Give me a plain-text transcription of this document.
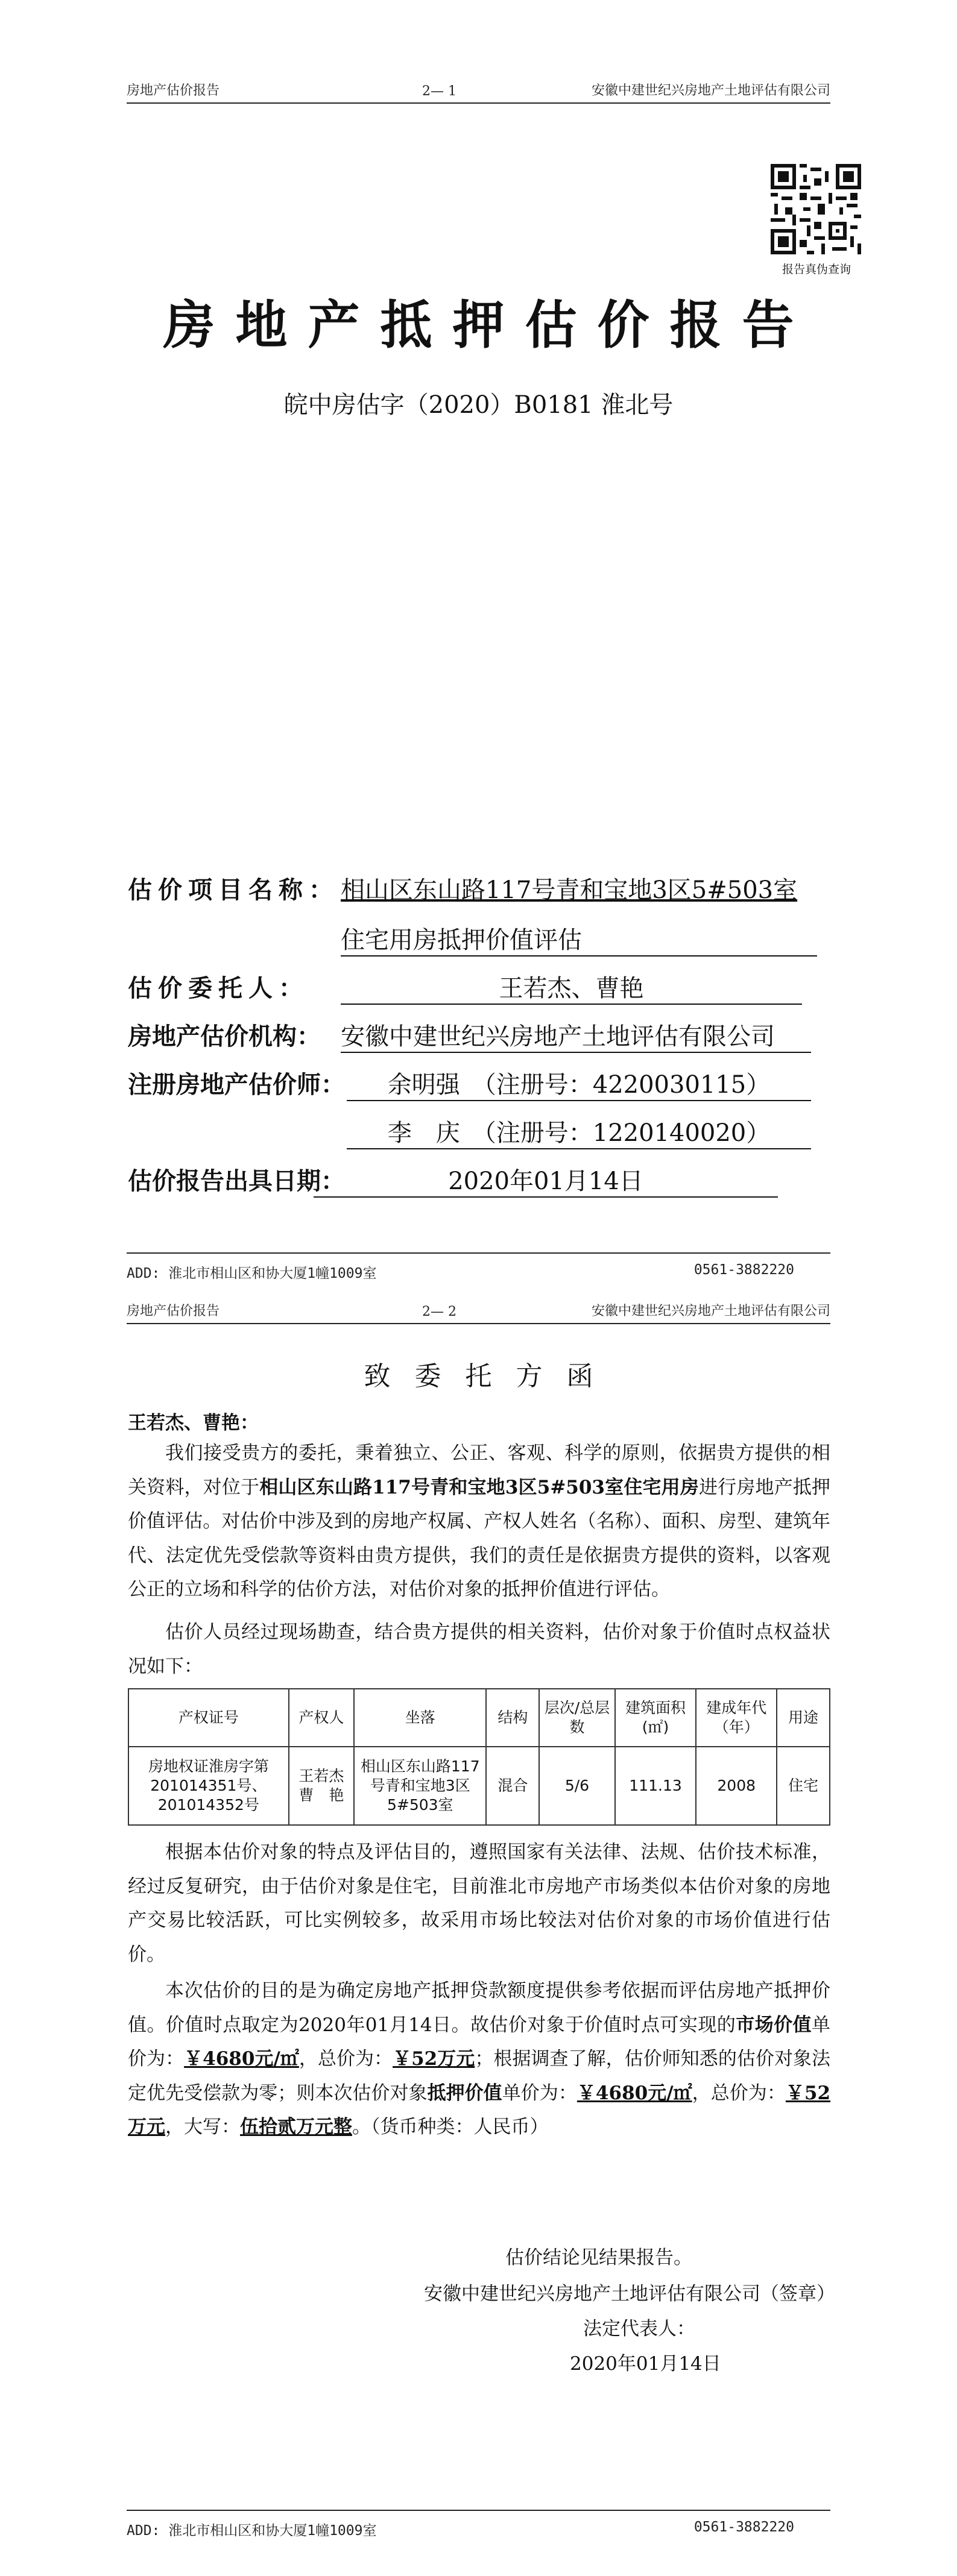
房地产估价报告	2— 1	安徽中建世纪兴房地产土地评估有限公司
报告真伪查询
房地产抵押估价报告
皖中房估字（2020）B0181 淮北号
估价项目名称： 相山区东山路117号青和宝地3区5#503室
住宅用房抵押价值评估
估价委托人：	王若杰、曹艳
房地产估价机构： 安徽中建世纪兴房地产土地评估有限公司
注册房地产估价师：	余明强　（注册号：4220030115）
李　庆　（注册号：1220140020）
估价报告出具日期：	2020年01月14日
ADD: 淮北市相山区和协大厦1幢1009室	0561-3882220
房地产估价报告	2— 2	安徽中建世纪兴房地产土地评估有限公司
致委托方函
王若杰、曹艳：

我们接受贵方的委托，秉着独立、公正、客观、科学的原则，依据贵方提供的相关资料，对位于相山区东山路117号青和宝地3区5#503室住宅用房进行房地产抵押价值评估。对估价中涉及到的房地产权属、产权人姓名（名称）、面积、房型、建筑年代、法定优先受偿款等资料由贵方提供，我们的责任是依据贵方提供的资料，以客观公正的立场和科学的估价方法，对估价对象的抵押价值进行评估。

估价人员经过现场勘查，结合贵方提供的相关资料，估价对象于价值时点权益状况如下：

产权证号	产权人	坐落	结构	层次/总层数	建筑面积(㎡)	建成年代（年）	用途
房地权证淮房字第201014351号、201014352号	王若杰　曹　艳	相山区东山路117号青和宝地3区5#503室	混合	5/6	111.13	2008	住宅

根据本估价对象的特点及评估目的，遵照国家有关法律、法规、估价技术标准，经过反复研究，由于估价对象是住宅，目前淮北市房地产市场类似本估价对象的房地产交易比较活跃，可比实例较多，故采用市场比较法对估价对象的市场价值进行估价。

本次估价的目的是为确定房地产抵押贷款额度提供参考依据而评估房地产抵押价值。价值时点取定为2020年01月14日。故估价对象于价值时点可实现的市场价值单价为：￥4680元/㎡，总价为：￥52万元；根据调查了解，估价师知悉的估价对象法定优先受偿款为零；则本次估价对象抵押价值单价为：￥4680元/㎡，总价为：￥52万元，大写：伍拾贰万元整。（货币种类：人民币）

估价结论见结果报告。
安徽中建世纪兴房地产土地评估有限公司（签章）
法定代表人：
2020年01月14日
ADD: 淮北市相山区和协大厦1幢1009室	0561-3882220
